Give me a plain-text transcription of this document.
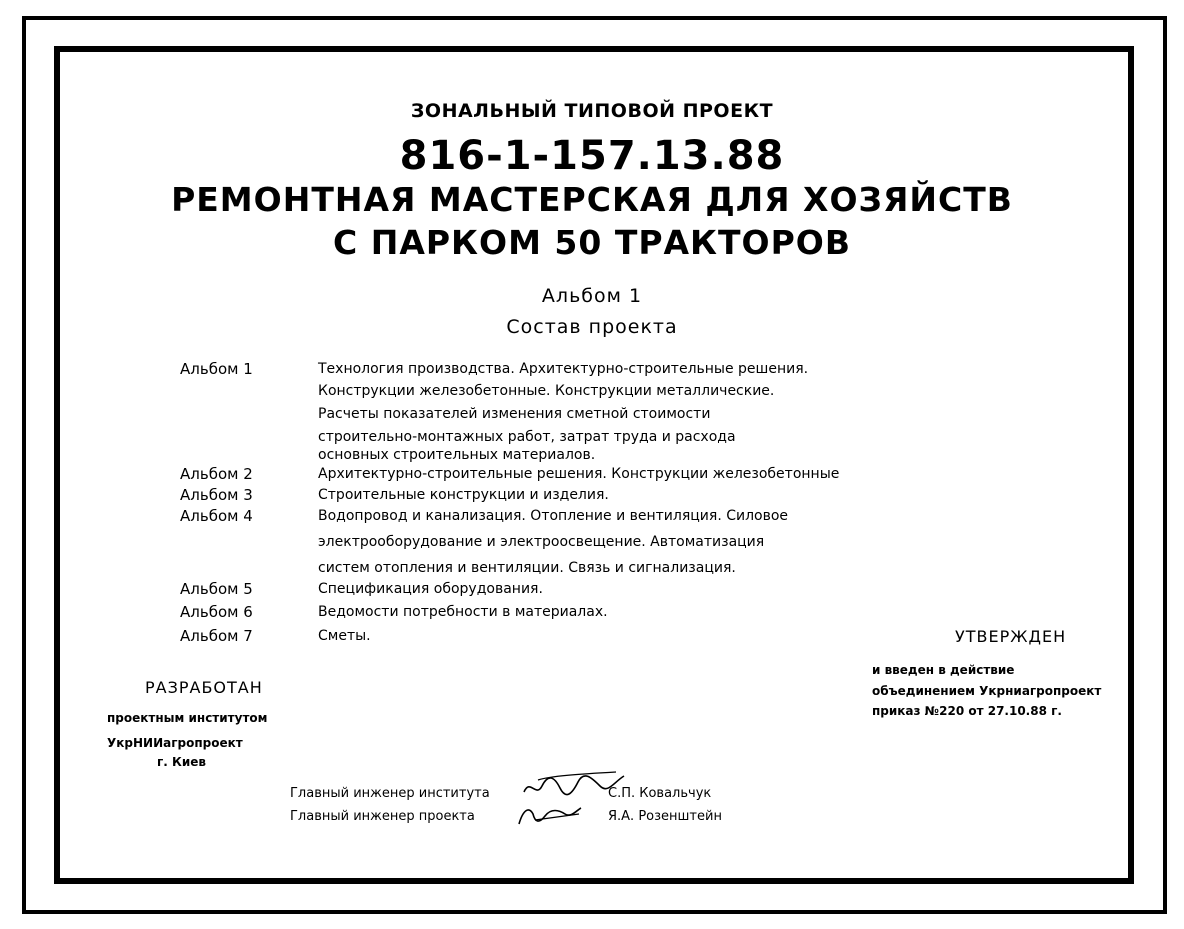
ЗОНАЛЬНЫЙ ТИПОВОЙ ПРОЕКТ
816-1-157.13.88
РЕМОНТНАЯ МАСТЕРСКАЯ ДЛЯ ХОЗЯЙСТВ
С ПАРКОМ 50 ТРАКТОРОВ
Альбом 1
Состав проекта
Альбом 1	Технология производства. Архитектурно-строительные решения.
Конструкции железобетонные. Конструкции металлические.
Расчеты показателей изменения сметной стоимости
строительно-монтажных работ, затрат труда и расхода
основных строительных материалов.
Альбом 2	Архитектурно-строительные решения. Конструкции железобетонные
Альбом 3	Строительные конструкции и изделия.
Альбом 4	Водопровод и канализация. Отопление и вентиляция. Силовое
электрооборудование и электроосвещение. Автоматизация
систем отопления и вентиляции. Связь и сигнализация.
Альбом 5	Спецификация оборудования.
Альбом 6	Ведомости потребности в материалах.
Альбом 7	Сметы.
РАЗРАБОТАН
проектным институтом
УкрНИИагропроект
г. Киев
УТВЕРЖДЕН
и введен в действие
объединением Укрниагропроект
приказ №220 от 27.10.88 г.
Главный инженер института	С.П. Ковальчук
Главный инженер проекта	Я.А. Розенштейн
